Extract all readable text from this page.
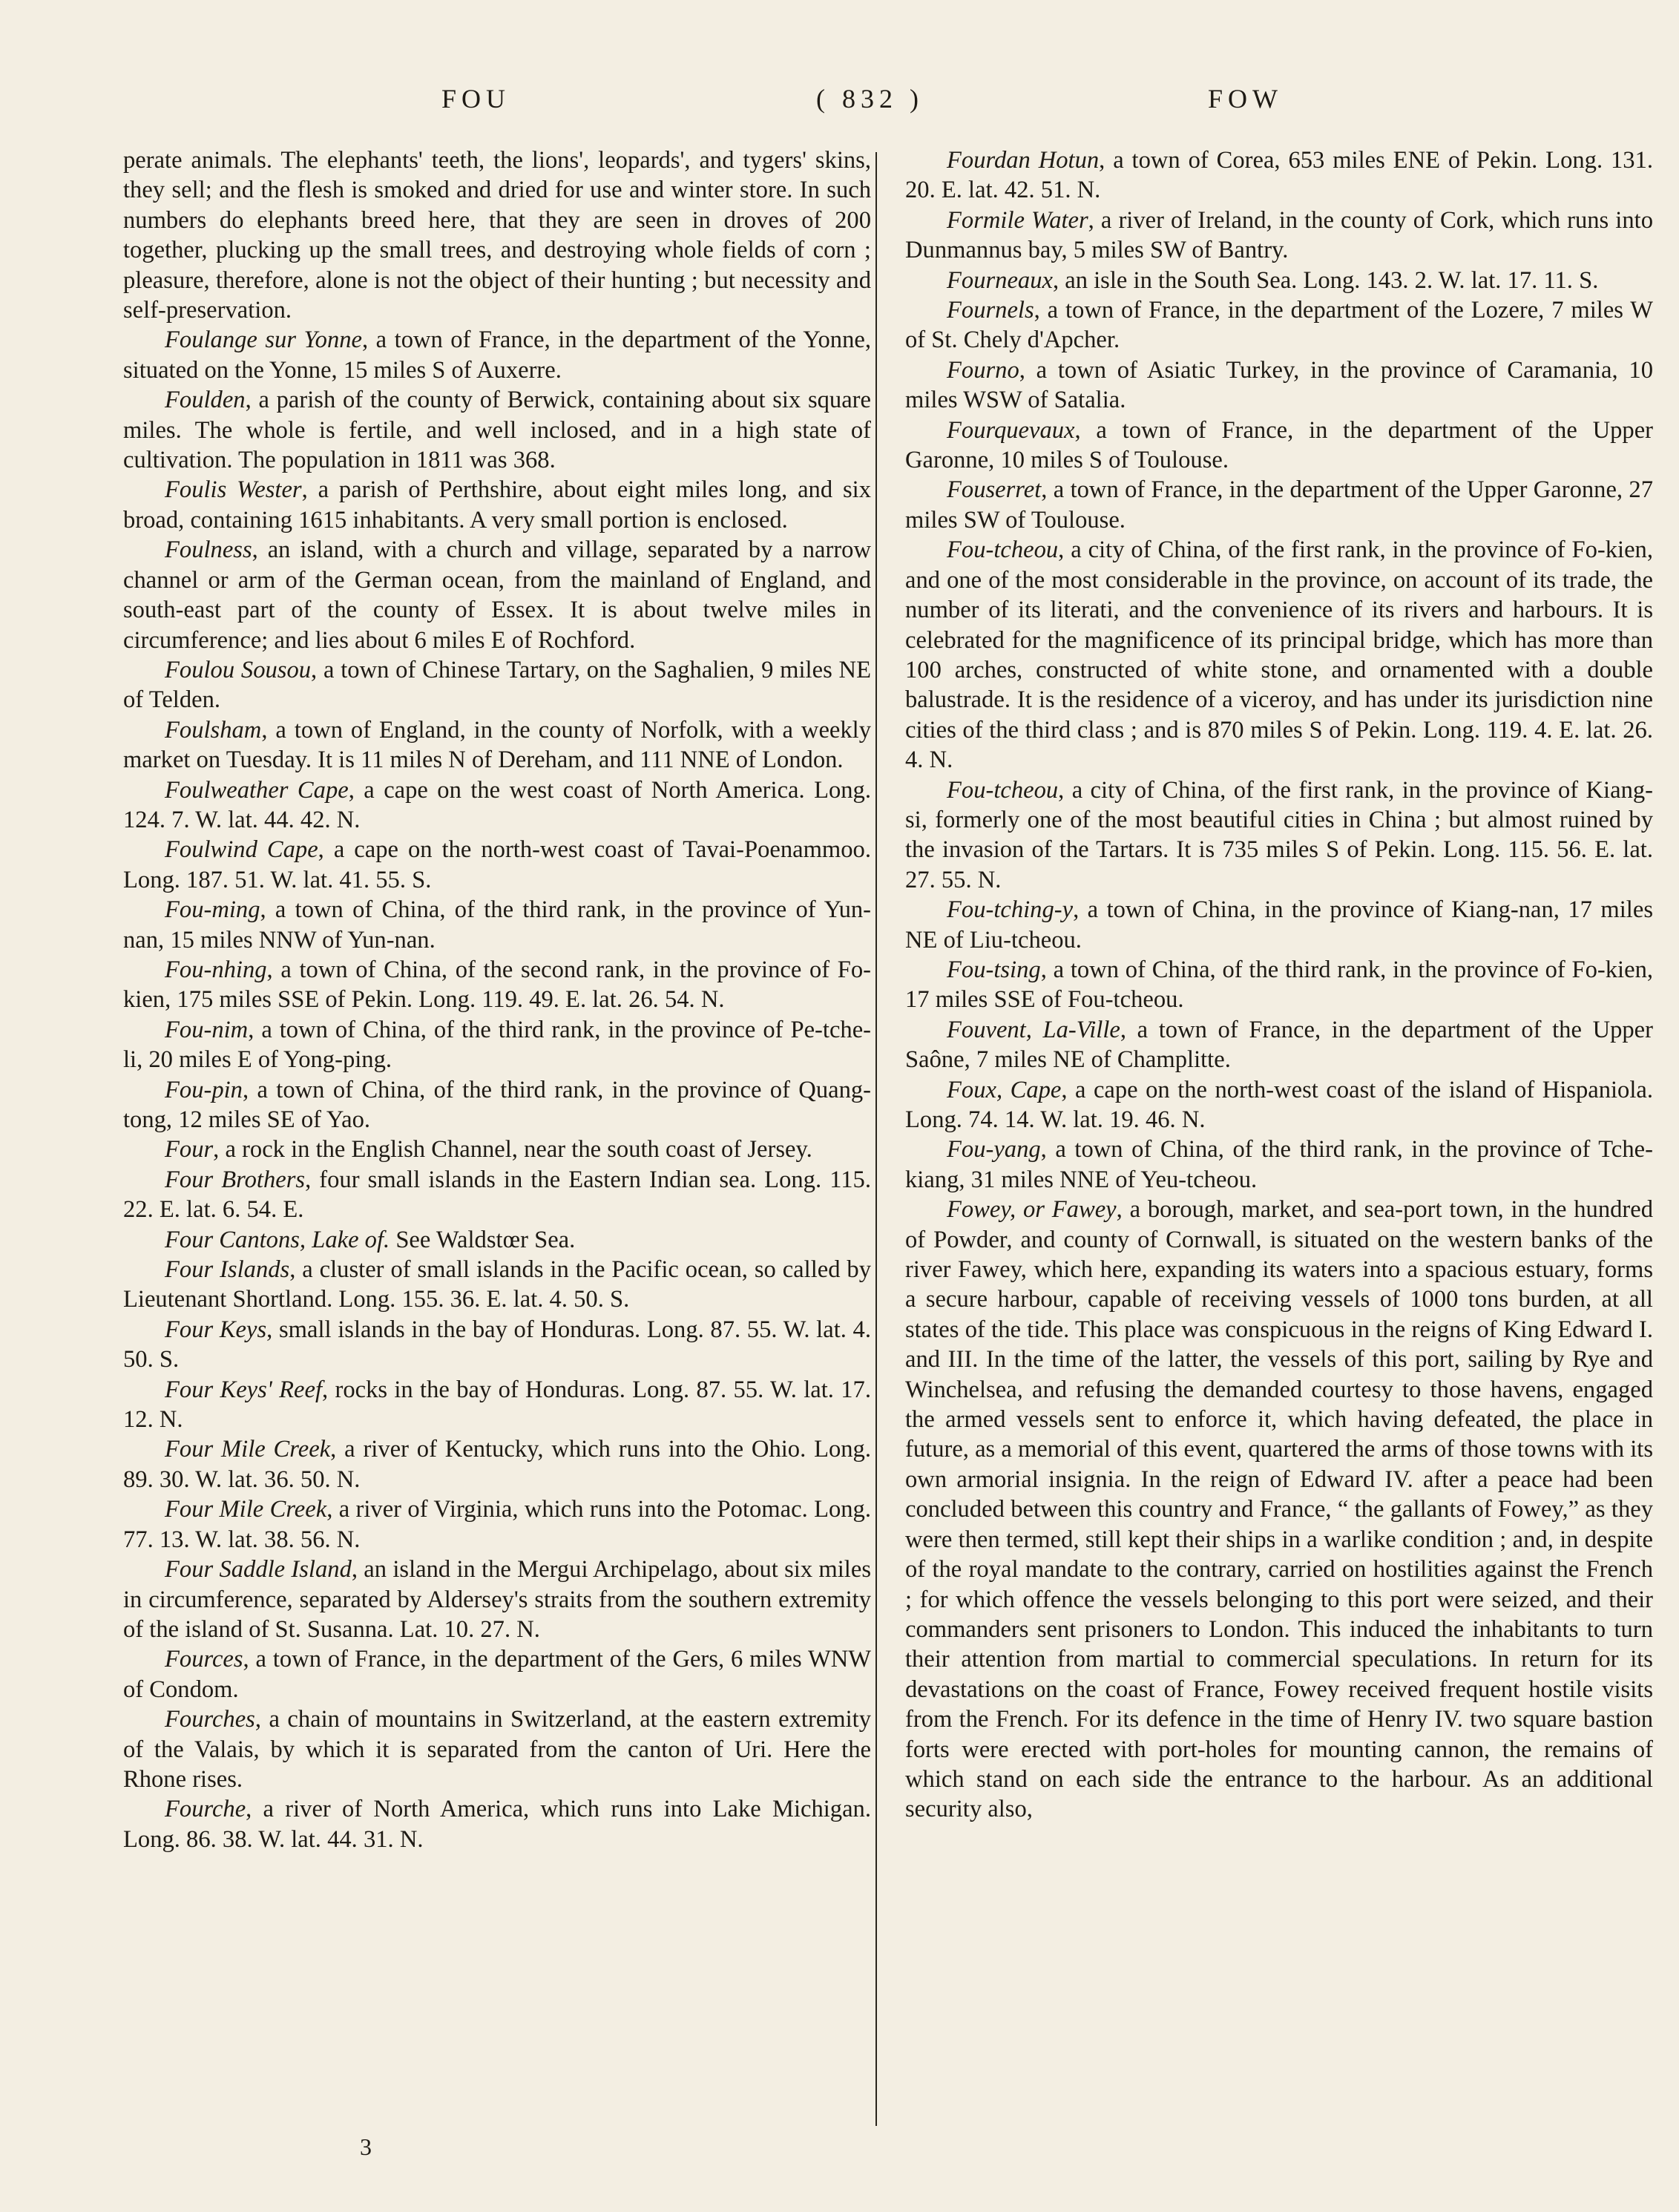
FOU	( 832 )	FOW

perate animals. The elephants' teeth, the lions', leopards', and tygers' skins, they sell; and the flesh is smoked and dried for use and winter store. In such numbers do elephants breed here, that they are seen in droves of 200 together, plucking up the small trees, and destroying whole fields of corn ; pleasure, therefore, alone is not the object of their hunting ; but necessity and self-preservation.

Foulange sur Yonne, a town of France, in the department of the Yonne, situated on the Yonne, 15 miles S of Auxerre.

Foulden, a parish of the county of Berwick, containing about six square miles. The whole is fertile, and well inclosed, and in a high state of cultivation. The population in 1811 was 368.

Foulis Wester, a parish of Perthshire, about eight miles long, and six broad, containing 1615 inhabitants. A very small portion is enclosed.

Foulness, an island, with a church and village, separated by a narrow channel or arm of the German ocean, from the mainland of England, and south-east part of the county of Essex. It is about twelve miles in circumference; and lies about 6 miles E of Rochford.

Foulou Sousou, a town of Chinese Tartary, on the Saghalien, 9 miles NE of Telden.

Foulsham, a town of England, in the county of Norfolk, with a weekly market on Tuesday. It is 11 miles N of Dereham, and 111 NNE of London.

Foulweather Cape, a cape on the west coast of North America. Long. 124. 7. W. lat. 44. 42. N.

Foulwind Cape, a cape on the north-west coast of Tavai-Poenammoo. Long. 187. 51. W. lat. 41. 55. S.

Fou-ming, a town of China, of the third rank, in the province of Yun-nan, 15 miles NNW of Yun-nan.

Fou-nhing, a town of China, of the second rank, in the province of Fo-kien, 175 miles SSE of Pekin. Long. 119. 49. E. lat. 26. 54. N.

Fou-nim, a town of China, of the third rank, in the province of Pe-tche-li, 20 miles E of Yong-ping.

Fou-pin, a town of China, of the third rank, in the province of Quang-tong, 12 miles SE of Yao.

Four, a rock in the English Channel, near the south coast of Jersey.

Four Brothers, four small islands in the Eastern Indian sea. Long. 115. 22. E. lat. 6. 54. E.

Four Cantons, Lake of. See Waldstœr Sea.

Four Islands, a cluster of small islands in the Pacific ocean, so called by Lieutenant Shortland. Long. 155. 36. E. lat. 4. 50. S.

Four Keys, small islands in the bay of Honduras. Long. 87. 55. W. lat. 4. 50. S.

Four Keys' Reef, rocks in the bay of Honduras. Long. 87. 55. W. lat. 17. 12. N.

Four Mile Creek, a river of Kentucky, which runs into the Ohio. Long. 89. 30. W. lat. 36. 50. N.

Four Mile Creek, a river of Virginia, which runs into the Potomac. Long. 77. 13. W. lat. 38. 56. N.

Four Saddle Island, an island in the Mergui Archipelago, about six miles in circumference, separated by Aldersey's straits from the southern extremity of the island of St. Susanna. Lat. 10. 27. N.

Fources, a town of France, in the department of the Gers, 6 miles WNW of Condom.

Fourches, a chain of mountains in Switzerland, at the eastern extremity of the Valais, by which it is separated from the canton of Uri. Here the Rhone rises.

Fourche, a river of North America, which runs into Lake Michigan. Long. 86. 38. W. lat. 44. 31. N.

Fourdan Hotun, a town of Corea, 653 miles ENE of Pekin. Long. 131. 20. E. lat. 42. 51. N.

Formile Water, a river of Ireland, in the county of Cork, which runs into Dunmannus bay, 5 miles SW of Bantry.

Fourneaux, an isle in the South Sea. Long. 143. 2. W. lat. 17. 11. S.

Fournels, a town of France, in the department of the Lozere, 7 miles W of St. Chely d'Apcher.

Fourno, a town of Asiatic Turkey, in the province of Caramania, 10 miles WSW of Satalia.

Fourquevaux, a town of France, in the department of the Upper Garonne, 10 miles S of Toulouse.

Fouserret, a town of France, in the department of the Upper Garonne, 27 miles SW of Toulouse.

Fou-tcheou, a city of China, of the first rank, in the province of Fo-kien, and one of the most considerable in the province, on account of its trade, the number of its literati, and the convenience of its rivers and harbours. It is celebrated for the magnificence of its principal bridge, which has more than 100 arches, constructed of white stone, and ornamented with a double balustrade. It is the residence of a viceroy, and has under its jurisdiction nine cities of the third class ; and is 870 miles S of Pekin. Long. 119. 4. E. lat. 26. 4. N.

Fou-tcheou, a city of China, of the first rank, in the province of Kiang-si, formerly one of the most beautiful cities in China ; but almost ruined by the invasion of the Tartars. It is 735 miles S of Pekin. Long. 115. 56. E. lat. 27. 55. N.

Fou-tching-y, a town of China, in the province of Kiang-nan, 17 miles NE of Liu-tcheou.

Fou-tsing, a town of China, of the third rank, in the province of Fo-kien, 17 miles SSE of Fou-tcheou.

Fouvent, La-Ville, a town of France, in the department of the Upper Saône, 7 miles NE of Champlitte.

Foux, Cape, a cape on the north-west coast of the island of Hispaniola. Long. 74. 14. W. lat. 19. 46. N.

Fou-yang, a town of China, of the third rank, in the province of Tche-kiang, 31 miles NNE of Yeu-tcheou.

Fowey, or Fawey, a borough, market, and sea-port town, in the hundred of Powder, and county of Cornwall, is situated on the western banks of the river Fawey, which here, expanding its waters into a spacious estuary, forms a secure harbour, capable of receiving vessels of 1000 tons burden, at all states of the tide. This place was conspicuous in the reigns of King Edward I. and III. In the time of the latter, the vessels of this port, sailing by Rye and Winchelsea, and refusing the demanded courtesy to those havens, engaged the armed vessels sent to enforce it, which having defeated, the place in future, as a memorial of this event, quartered the arms of those towns with its own armorial insignia. In the reign of Edward IV. after a peace had been concluded between this country and France, “ the gallants of Fowey,” as they were then termed, still kept their ships in a warlike condition ; and, in despite of the royal mandate to the contrary, carried on hostilities against the French ; for which offence the vessels belonging to this port were seized, and their commanders sent prisoners to London. This induced the inhabitants to turn their attention from martial to commercial speculations. In return for its devastations on the coast of France, Fowey received frequent hostile visits from the French. For its defence in the time of Henry IV. two square bastion forts were erected with port-holes for mounting cannon, the remains of which stand on each side the entrance to the harbour. As an additional security also,

3
